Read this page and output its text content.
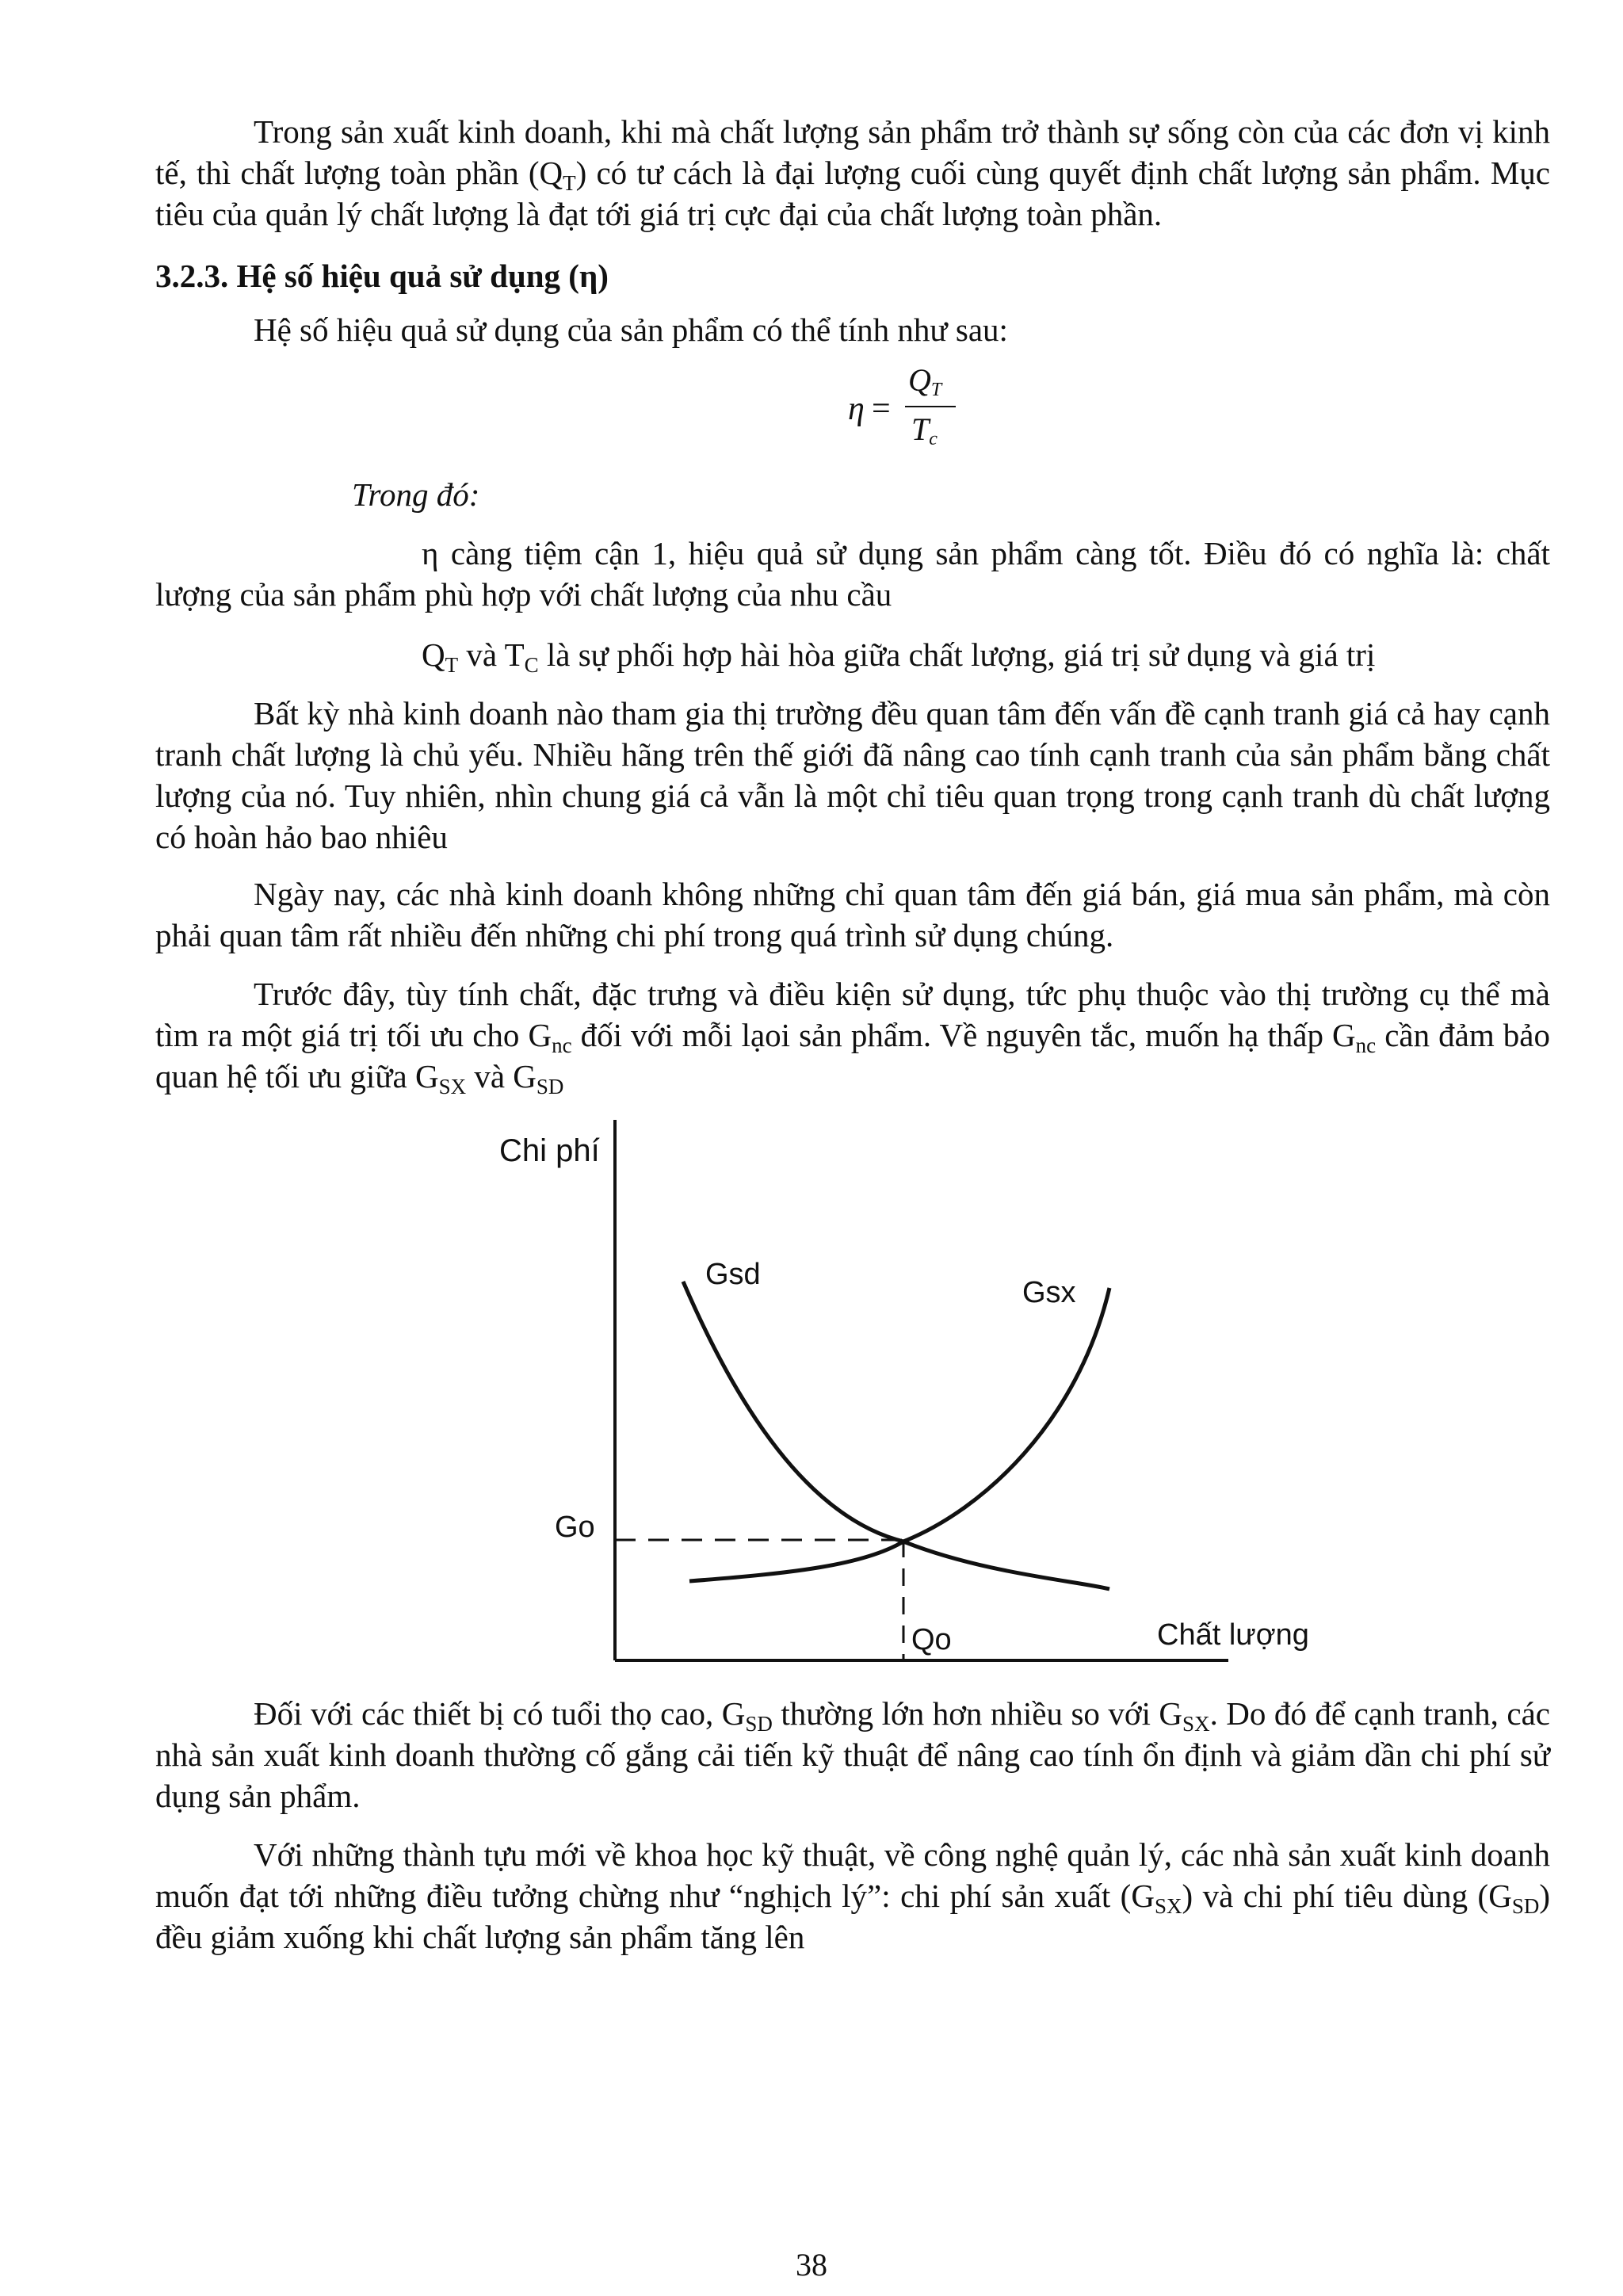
Trong sản xuất kinh doanh, khi mà chất lượng sản phẩm trở thành sự sống còn của các đơn vị kinh tế, thì chất lượng toàn phần $(Q_T)$ có tư cách là đại lượng cuối cùng quyết định chất lượng sản phẩm. Mục tiêu của quản lý chất lượng là đạt tới giá trị cực đại của chất lượng toàn phần.

3.2.3. Hệ số hiệu quả sử dụng (η)

Hệ số hiệu quả sử dụng của sản phẩm có thể tính như sau:

η =
$Q_T$
$T_c$

Trong đó:

η càng tiệm cận 1, hiệu quả sử dụng sản phẩm càng tốt. Điều đó có nghĩa là: chất lượng của sản phẩm phù hợp với chất lượng của nhu cầu

$Q_T$ và $T_C$ là sự phối hợp hài hòa giữa chất lượng, giá trị sử dụng và giá trị

Bất kỳ nhà kinh doanh nào tham gia thị trường đều quan tâm đến vấn đề cạnh tranh giá cả hay cạnh tranh chất lượng là chủ yếu. Nhiều hãng trên thế giới đã nâng cao tính cạnh tranh của sản phẩm bằng chất lượng của nó. Tuy nhiên, nhìn chung giá cả vẫn là một chỉ tiêu quan trọng trong cạnh tranh dù chất lượng có hoàn hảo bao nhiêu

Ngày nay, các nhà kinh doanh không những chỉ quan tâm đến giá bán, giá mua sản phẩm, mà còn phải quan tâm rất nhiều đến những chi phí trong quá trình sử dụng chúng.

Trước đây, tùy tính chất, đặc trưng và điều kiện sử dụng, tức phụ thuộc vào thị trường cụ thể mà tìm ra một giá trị tối ưu cho $G_{nc}$ đối với mỗi lạoi sản phẩm. Về nguyên tắc, muốn hạ thấp $G_{nc}$ cần đảm bảo quan hệ tối ưu giữa $G_{SX}$ và $G_{SD}$

Chi phí
Gsd
Gsx
Go
Qo	Chất lượng

Đối với các thiết bị có tuổi thọ cao, $G_{SD}$ thường lớn hơn nhiều so với $G_{SX}$. Do đó để cạnh tranh, các nhà sản xuất kinh doanh thường cố gắng cải tiến kỹ thuật để nâng cao tính ổn định và giảm dần chi phí sử dụng sản phẩm.

Với những thành tựu mới về khoa học kỹ thuật, về công nghệ quản lý, các nhà sản xuất kinh doanh muốn đạt tới những điều tưởng chừng như “nghịch lý”: chi phí sản xuất $(G_{SX})$ và chi phí tiêu dùng $(G_{SD})$ đều giảm xuống khi chất lượng sản phẩm tăng lên

38
